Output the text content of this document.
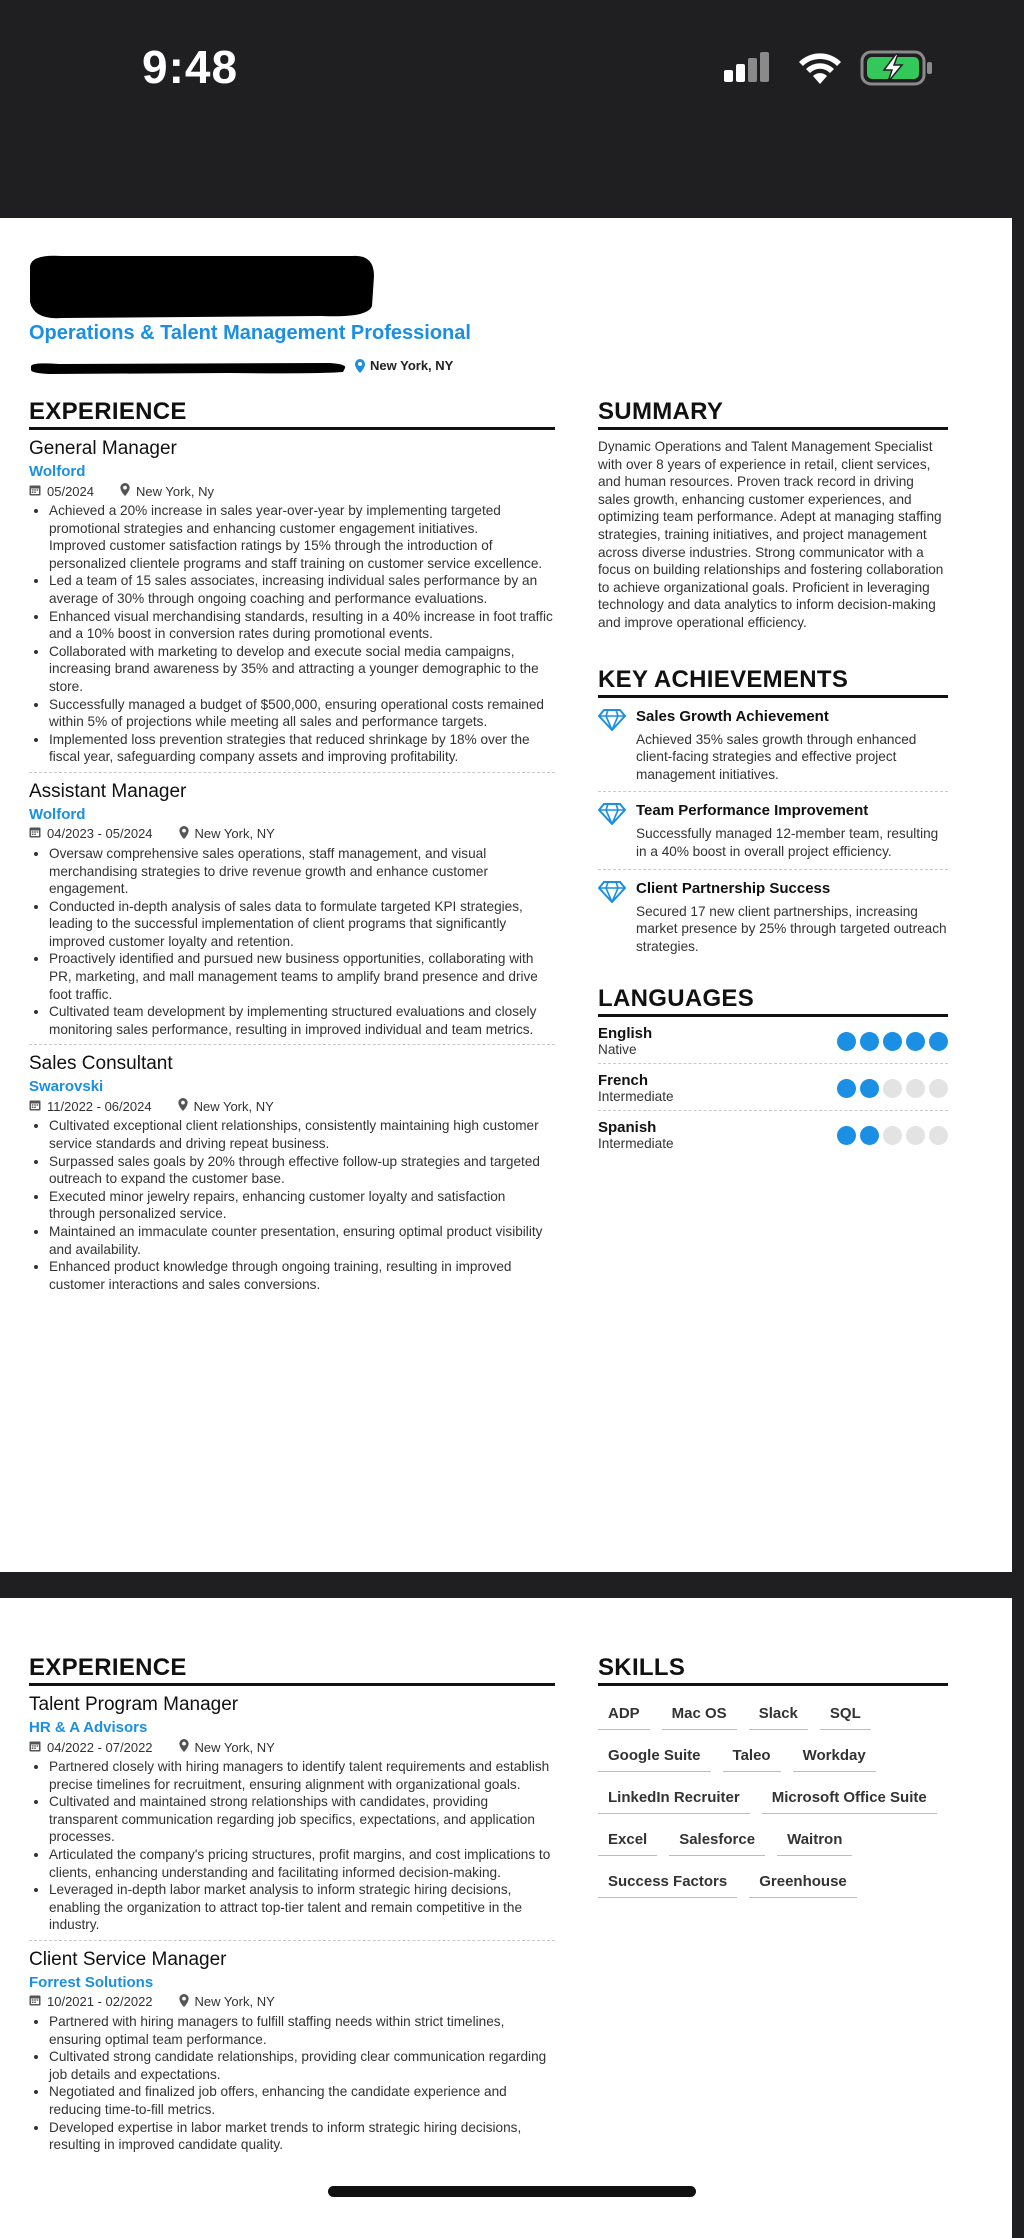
9:48
Operations & Talent Management Professional
New York, NY
EXPERIENCE
General Manager
Wolford
05/2024	New York, Ny
• Achieved a 20% increase in sales year-over-year by implementing targeted promotional strategies and enhancing customer engagement initiatives.
Improved customer satisfaction ratings by 15% through the introduction of personalized clientele programs and staff training on customer service excellence.
• Led a team of 15 sales associates, increasing individual sales performance by an average of 30% through ongoing coaching and performance evaluations.
• Enhanced visual merchandising standards, resulting in a 40% increase in foot traffic and a 10% boost in conversion rates during promotional events.
• Collaborated with marketing to develop and execute social media campaigns, increasing brand awareness by 35% and attracting a younger demographic to the store.
• Successfully managed a budget of $500,000, ensuring operational costs remained within 5% of projections while meeting all sales and performance targets.
• Implemented loss prevention strategies that reduced shrinkage by 18% over the fiscal year, safeguarding company assets and improving profitability.
Assistant Manager
Wolford
04/2023 - 05/2024	New York, NY
• Oversaw comprehensive sales operations, staff management, and visual merchandising strategies to drive revenue growth and enhance customer engagement.
• Conducted in-depth analysis of sales data to formulate targeted KPI strategies, leading to the successful implementation of client programs that significantly improved customer loyalty and retention.
• Proactively identified and pursued new business opportunities, collaborating with PR, marketing, and mall management teams to amplify brand presence and drive foot traffic.
• Cultivated team development by implementing structured evaluations and closely monitoring sales performance, resulting in improved individual and team metrics.
Sales Consultant
Swarovski
11/2022 - 06/2024	New York, NY
• Cultivated exceptional client relationships, consistently maintaining high customer service standards and driving repeat business.
• Surpassed sales goals by 20% through effective follow-up strategies and targeted outreach to expand the customer base.
• Executed minor jewelry repairs, enhancing customer loyalty and satisfaction through personalized service.
• Maintained an immaculate counter presentation, ensuring optimal product visibility and availability.
• Enhanced product knowledge through ongoing training, resulting in improved customer interactions and sales conversions.
SUMMARY
Dynamic Operations and Talent Management Specialist with over 8 years of experience in retail, client services, and human resources. Proven track record in driving sales growth, enhancing customer experiences, and optimizing team performance. Adept at managing staffing strategies, training initiatives, and project management across diverse industries. Strong communicator with a focus on building relationships and fostering collaboration to achieve organizational goals. Proficient in leveraging technology and data analytics to inform decision-making and improve operational efficiency.
KEY ACHIEVEMENTS
Sales Growth Achievement
Achieved 35% sales growth through enhanced client-facing strategies and effective project management initiatives.
Team Performance Improvement
Successfully managed 12-member team, resulting in a 40% boost in overall project efficiency.
Client Partnership Success
Secured 17 new client partnerships, increasing market presence by 25% through targeted outreach strategies.
LANGUAGES
English
Native
French
Intermediate
Spanish
Intermediate
EXPERIENCE
Talent Program Manager
HR & A Advisors
04/2022 - 07/2022	New York, NY
• Partnered closely with hiring managers to identify talent requirements and establish precise timelines for recruitment, ensuring alignment with organizational goals.
• Cultivated and maintained strong relationships with candidates, providing transparent communication regarding job specifics, expectations, and application processes.
• Articulated the company's pricing structures, profit margins, and cost implications to clients, enhancing understanding and facilitating informed decision-making.
• Leveraged in-depth labor market analysis to inform strategic hiring decisions, enabling the organization to attract top-tier talent and remain competitive in the industry.
Client Service Manager
Forrest Solutions
10/2021 - 02/2022	New York, NY
• Partnered with hiring managers to fulfill staffing needs within strict timelines, ensuring optimal team performance.
• Cultivated strong candidate relationships, providing clear communication regarding job details and expectations.
• Negotiated and finalized job offers, enhancing the candidate experience and reducing time-to-fill metrics.
• Developed expertise in labor market trends to inform strategic hiring decisions, resulting in improved candidate quality.
SKILLS
ADP	Mac OS	Slack	SQL
Google Suite	Taleo	Workday
LinkedIn Recruiter	Microsoft Office Suite
Excel	Salesforce	Waitron
Success Factors	Greenhouse
